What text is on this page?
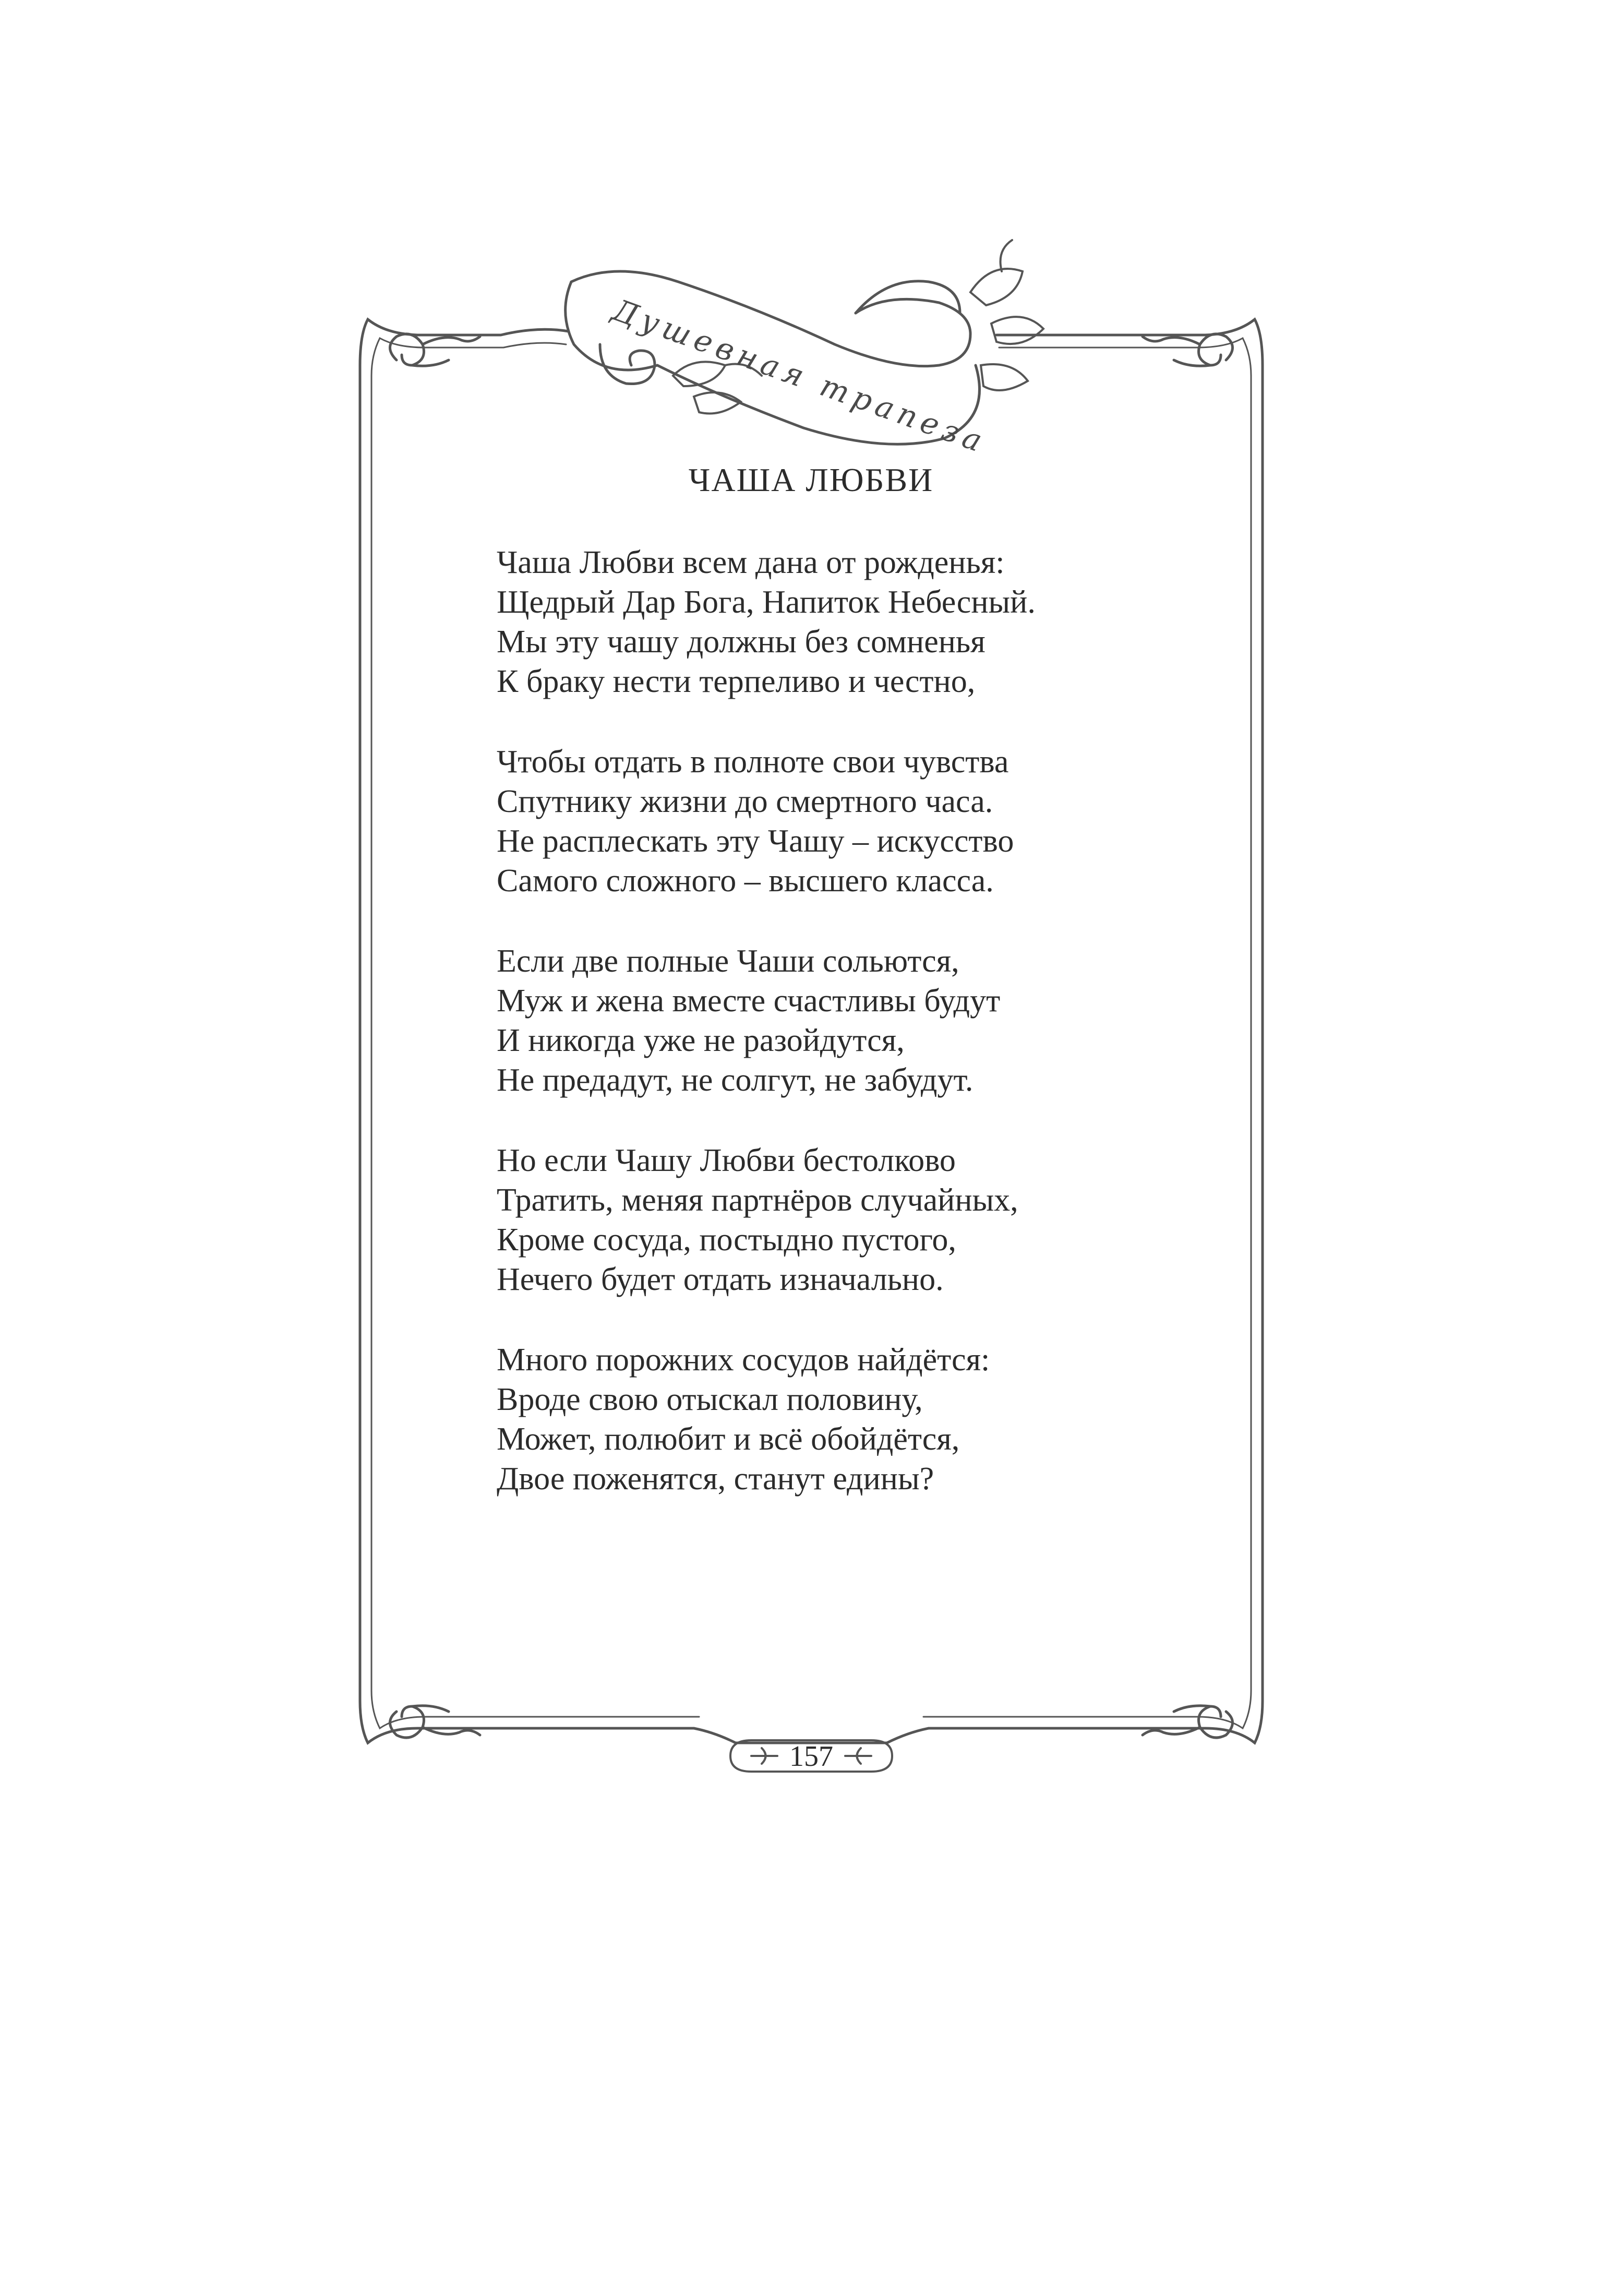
Душевная трапеза
157
ЧАША ЛЮБВИ
Чаша Любви всем дана от рожденья:
Щедрый Дар Бога, Напиток Небесный.
Мы эту чашу должны без сомненья
К браку нести терпеливо и честно,
Чтобы отдать в полноте свои чувства
Спутнику жизни до смертного часа.
Не расплескать эту Чашу – искусство
Самого сложного – высшего класса.
Если две полные Чаши сольются,
Муж и жена вместе счастливы будут
И никогда уже не разойдутся,
Не предадут, не солгут, не забудут.
Но если Чашу Любви бестолково
Тратить, меняя партнёров случайных,
Кроме сосуда, постыдно пустого,
Нечего будет отдать изначально.
Много порожних сосудов найдётся:
Вроде свою отыскал половину,
Может, полюбит и всё обойдётся,
Двое поженятся, станут едины?
